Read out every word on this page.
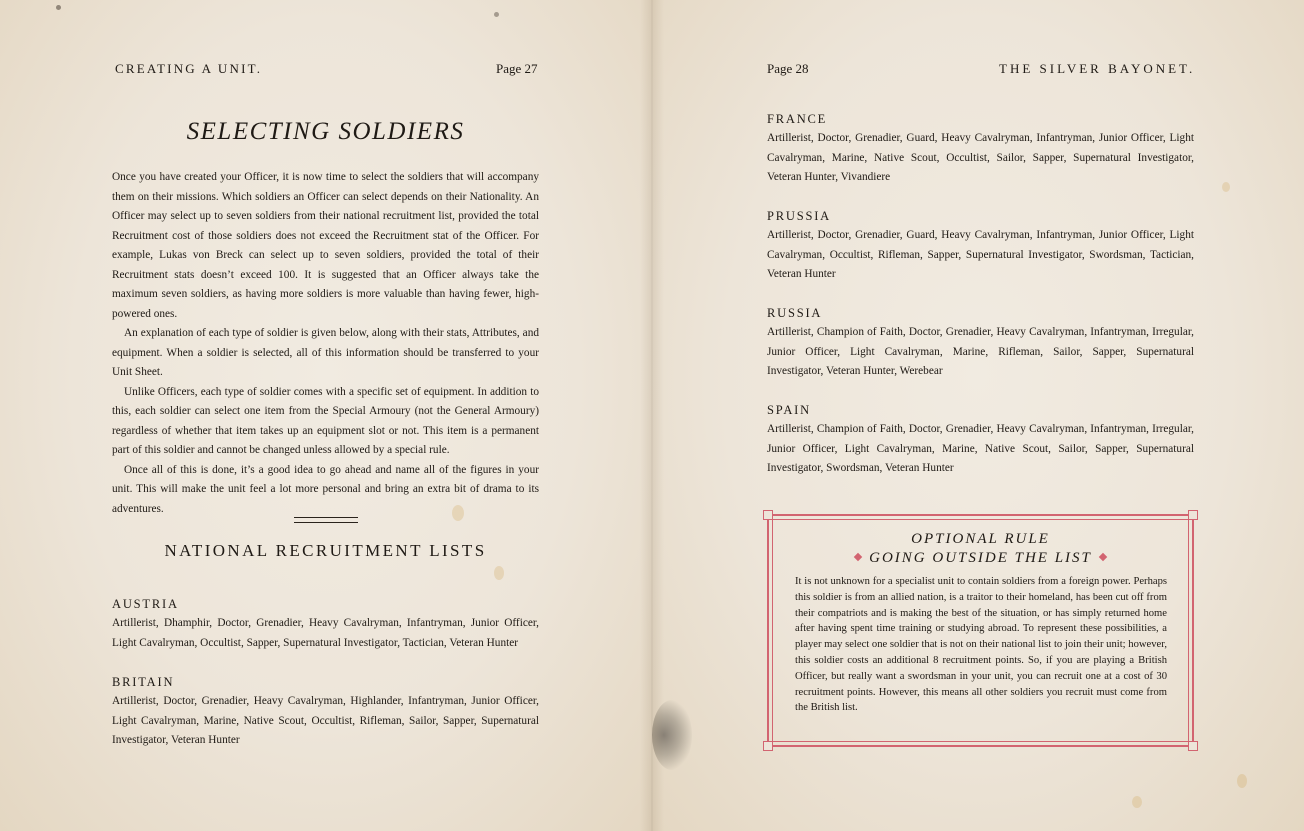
CREATING A UNIT.	Page 27
SELECTING SOLDIERS

Once you have created your Officer, it is now time to select the soldiers that will accompany them on their missions. Which soldiers an Officer can select depends on their Nationality. An Officer may select up to seven soldiers from their national recruitment list, provided the total Recruitment cost of those soldiers does not exceed the Recruitment stat of the Officer. For example, Lukas von Breck can select up to seven soldiers, provided the total of their Recruitment stats doesn’t exceed 100. It is suggested that an Officer always take the maximum seven soldiers, as having more soldiers is more valuable than having fewer, high-powered ones.

An explanation of each type of soldier is given below, along with their stats, Attributes, and equipment. When a soldier is selected, all of this information should be transferred to your Unit Sheet.

Unlike Officers, each type of soldier comes with a specific set of equipment. In addition to this, each soldier can select one item from the Special Armoury (not the General Armoury) regardless of whether that item takes up an equipment slot or not. This item is a permanent part of this soldier and cannot be changed unless allowed by a special rule.

Once all of this is done, it’s a good idea to go ahead and name all of the figures in your unit. This will make the unit feel a lot more personal and bring an extra bit of drama to its adventures.

NATIONAL RECRUITMENT LISTS
AUSTRIA

Artillerist, Dhamphir, Doctor, Grenadier, Heavy Cavalryman, Infantryman, Junior Officer, Light Cavalryman, Occultist, Sapper, Supernatural Investigator, Tactician, Veteran Hunter

BRITAIN

Artillerist, Doctor, Grenadier, Heavy Cavalryman, Highlander, Infantryman, Junior Officer, Light Cavalryman, Marine, Native Scout, Occultist, Rifleman, Sailor, Sapper, Supernatural Investigator, Veteran Hunter

Page 28	THE SILVER BAYONET.
FRANCE

Artillerist, Doctor, Grenadier, Guard, Heavy Cavalryman, Infantryman, Junior Officer, Light Cavalryman, Marine, Native Scout, Occultist, Sailor, Sapper, Supernatural Investigator, Veteran Hunter, Vivandiere

PRUSSIA

Artillerist, Doctor, Grenadier, Guard, Heavy Cavalryman, Infantryman, Junior Officer, Light Cavalryman, Occultist, Rifleman, Sapper, Supernatural Investigator, Swordsman, Tactician, Veteran Hunter

RUSSIA

Artillerist, Champion of Faith, Doctor, Grenadier, Heavy Cavalryman, Infantryman, Irregular, Junior Officer, Light Cavalryman, Marine, Rifleman, Sailor, Sapper, Supernatural Investigator, Veteran Hunter, Werebear

SPAIN

Artillerist, Champion of Faith, Doctor, Grenadier, Heavy Cavalryman, Infantryman, Irregular, Junior Officer, Light Cavalryman, Marine, Native Scout, Sailor, Sapper, Supernatural Investigator, Swordsman, Veteran Hunter

OPTIONAL RULE
GOING OUTSIDE THE LIST
It is not unknown for a specialist unit to contain soldiers from a foreign power. Perhaps this soldier is from an allied nation, is a traitor to their homeland, has been cut off from their compatriots and is making the best of the situation, or has simply returned home after having spent time training or studying abroad. To represent these possibilities, a player may select one soldier that is not on their national list to join their unit; however, this soldier costs an additional 8 recruitment points. So, if you are playing a British Officer, but really want a swordsman in your unit, you can recruit one at a cost of 30 recruitment points. However, this means all other soldiers you recruit must come from the British list.
